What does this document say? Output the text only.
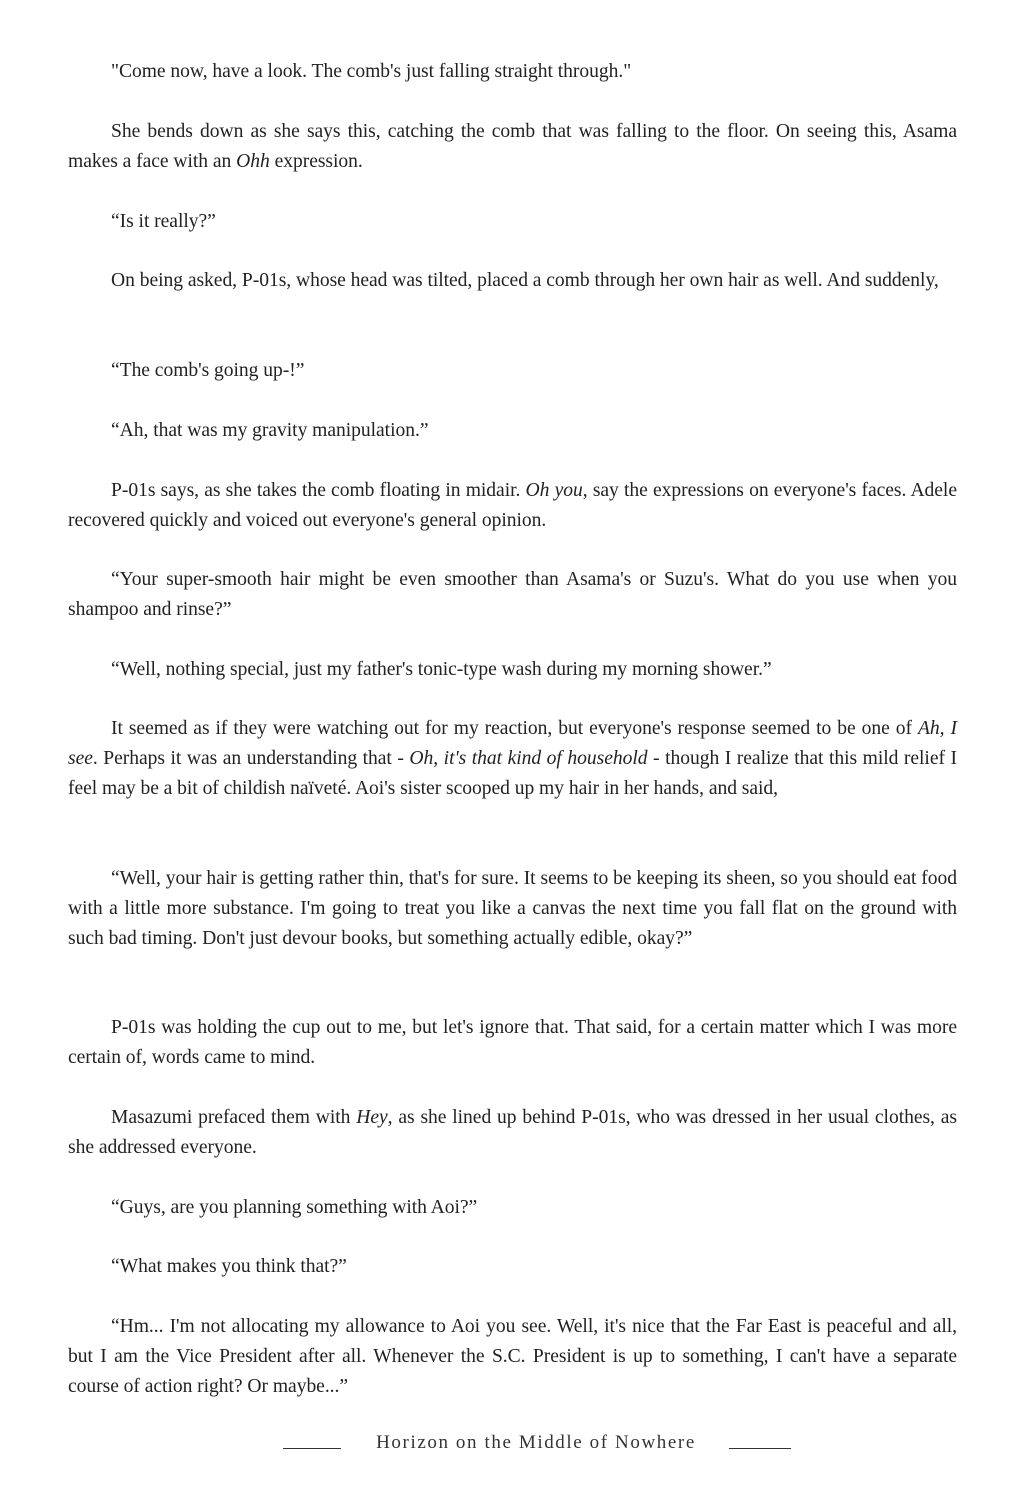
"Come now, have a look. The comb's just falling straight through."

She bends down as she says this, catching the comb that was falling to the floor. On seeing this, Asama makes a face with an Ohh expression.

“Is it really?”

On being asked, P-01s, whose head was tilted, placed a comb through her own hair as well. And suddenly,

“The comb's going up-!”

“Ah, that was my gravity manipulation.”

P-01s says, as she takes the comb floating in midair. Oh you, say the expressions on everyone's faces. Adele recovered quickly and voiced out everyone's general opinion.

“Your super-smooth hair might be even smoother than Asama's or Suzu's. What do you use when you shampoo and rinse?”

“Well, nothing special, just my father's tonic-type wash during my morning shower.”

It seemed as if they were watching out for my reaction, but everyone's response seemed to be one of Ah, I see. Perhaps it was an understanding that - Oh, it's that kind of household - though I realize that this mild relief I feel may be a bit of childish naïveté. Aoi's sister scooped up my hair in her hands, and said,

“Well, your hair is getting rather thin, that's for sure. It seems to be keeping its sheen, so you should eat food with a little more substance. I'm going to treat you like a canvas the next time you fall flat on the ground with such bad timing. Don't just devour books, but something actually edible, okay?”

P-01s was holding the cup out to me, but let's ignore that. That said, for a certain matter which I was more certain of, words came to mind.

Masazumi prefaced them with Hey, as she lined up behind P-01s, who was dressed in her usual clothes, as she addressed everyone.

“Guys, are you planning something with Aoi?”

“What makes you think that?”

“Hm... I'm not allocating my allowance to Aoi you see. Well, it's nice that the Far East is peaceful and all, but I am the Vice President after all. Whenever the S.C. President is up to something, I can't have a separate course of action right? Or maybe...”

Horizon on the Middle of Nowhere
